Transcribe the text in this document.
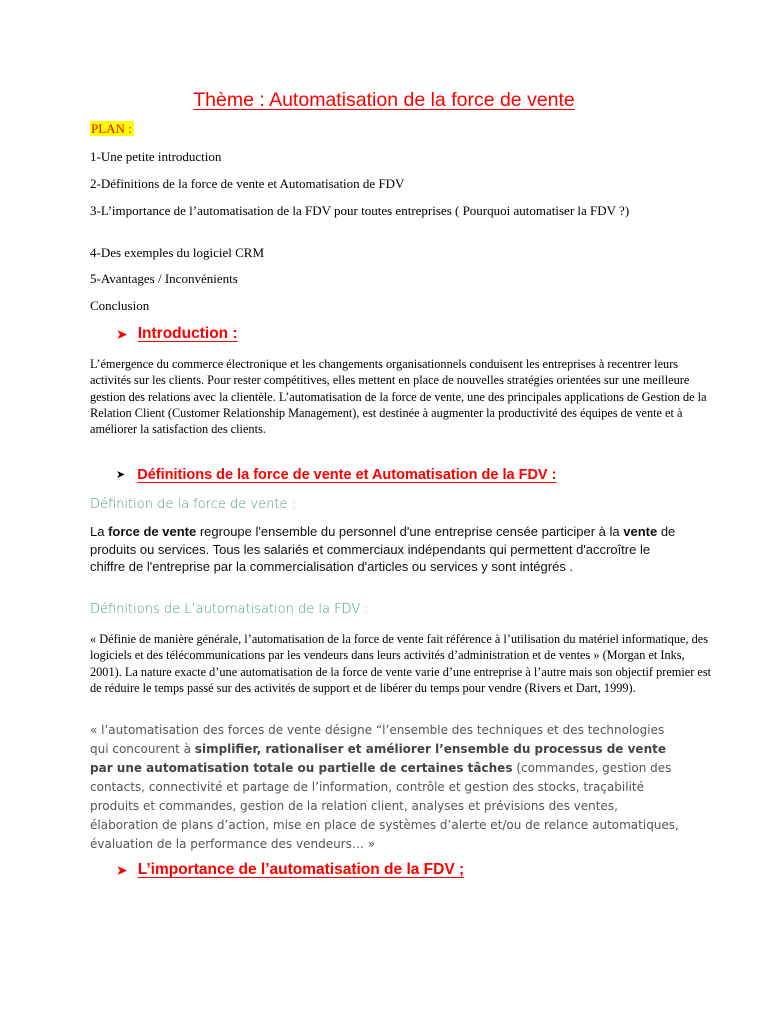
Thème : Automatisation de la force de vente
PLAN :
1-Une petite introduction
2-Définitions de la force de vente et Automatisation de FDV
3-L’importance de l’automatisation de la FDV pour toutes entreprises ( Pourquoi automatiser la FDV ?)
4-Des exemples du logiciel CRM
5-Avantages / Inconvénients
Conclusion
➤ Introduction :

L’émergence du commerce électronique et les changements organisationnels conduisent les entreprises à recentrer leurs activités sur les clients. Pour rester compétitives, elles mettent en place de nouvelles stratégies orientées sur une meilleure gestion des relations avec la clientèle. L’automatisation de la force de vente, une des principales applications de Gestion de la Relation Client (Customer Relationship Management), est destinée à augmenter la productivité des équipes de vente et à améliorer la satisfaction des clients.

➤ Définitions de la force de vente et Automatisation de la FDV :
Définition de la force de vente :

La force de vente regroupe l'ensemble du personnel d'une entreprise censée participer à la vente de produits ou services. Tous les salariés et commerciaux indépendants qui permettent d'accroître le chiffre de l'entreprise par la commercialisation d'articles ou services y sont intégrés .

Définitions de L’automatisation de la FDV :

« Définie de manière générale, l’automatisation de la force de vente fait référence à l’utilisation du matériel informatique, des logiciels et des télécommunications par les vendeurs dans leurs activités d’administration et de ventes » (Morgan et Inks, 2001). La nature exacte d’une automatisation de la force de vente varie d’une entreprise à l’autre mais son objectif premier est de réduire le temps passé sur des activités de support et de libérer du temps pour vendre (Rivers et Dart, 1999).

« l’automatisation des forces de vente désigne “l’ensemble des techniques et des technologies qui concourent à simplifier, rationaliser et améliorer l’ensemble du processus de vente par une automatisation totale ou partielle de certaines tâches (commandes, gestion des contacts, connectivité et partage de l’information, contrôle et gestion des stocks, traçabilité produits et commandes, gestion de la relation client, analyses et prévisions des ventes, élaboration de plans d’action, mise en place de systèmes d’alerte et/ou de relance automatiques, évaluation de la performance des vendeurs… »

➤ L’importance de l’automatisation de la FDV ;
